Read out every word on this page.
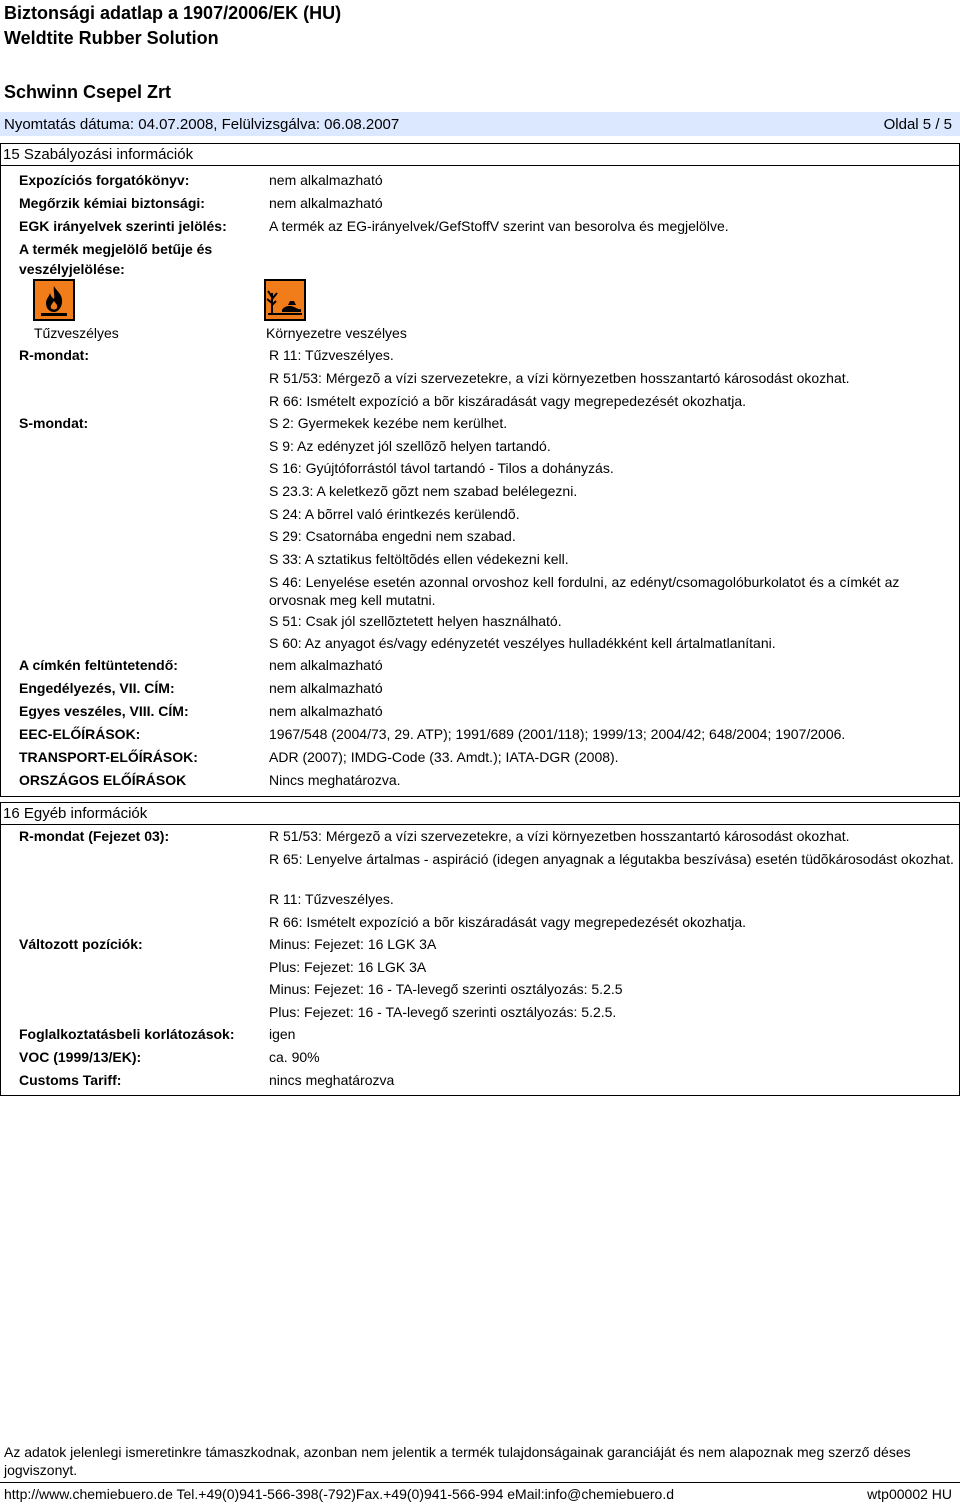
Biztonsági adatlap a 1907/2006/EK (HU)
Weldtite Rubber Solution
Schwinn Csepel Zrt
Nyomtatás dátuma: 04.07.2008, Felülvizsgálva: 06.08.2007	Oldal 5 / 5
15 Szabályozási információk
Expozíciós forgatókönyv:	nem alkalmazható
Megőrzik kémiai biztonsági:	nem alkalmazható
EGK irányelvek szerinti jelölés:	A termék az EG-irányelvek/GefStoffV szerint van besorolva és megjelölve.
A termék megjelölő betűje és veszélyjelölése:
Tűzveszélyes	Környezetre veszélyes
R-mondat:	R 11: Tűzveszélyes.
R 51/53: Mérgezõ a vízi szervezetekre, a vízi környezetben hosszantartó károsodást okozhat.
R 66: Ismételt expozíció a bõr kiszáradását vagy megrepedezését okozhatja.
S-mondat:	S 2: Gyermekek kezébe nem kerülhet.
S 9: Az edényzet jól szellõzõ helyen tartandó.
S 16: Gyújtóforrástól távol tartandó - Tilos a dohányzás.
S 23.3: A keletkezõ gõzt nem szabad belélegezni.
S 24: A bõrrel való érintkezés kerülendõ.
S 29: Csatornába engedni nem szabad.
S 33: A sztatikus feltöltõdés ellen védekezni kell.
S 46: Lenyelése esetén azonnal orvoshoz kell fordulni, az edényt/csomagolóburkolatot és a címkét az orvosnak meg kell mutatni.
S 51: Csak jól szellõztetett helyen használható.
S 60: Az anyagot és/vagy edényzetét veszélyes hulladékként kell ártalmatlanítani.
A címkén feltüntetendő:	nem alkalmazható
Engedélyezés, VII. CÍM:	nem alkalmazható
Egyes veszéles, VIII. CÍM:	nem alkalmazható
EEC-ELŐÍRÁSOK:	1967/548 (2004/73, 29. ATP); 1991/689 (2001/118); 1999/13; 2004/42; 648/2004; 1907/2006.
TRANSPORT-ELŐÍRÁSOK:	ADR (2007); IMDG-Code (33. Amdt.); IATA-DGR (2008).
ORSZÁGOS ELŐÍRÁSOK	Nincs meghatározva.
16 Egyéb információk
R-mondat (Fejezet 03):	R 51/53: Mérgezõ a vízi szervezetekre, a vízi környezetben hosszantartó károsodást okozhat.
R 65: Lenyelve ártalmas - aspiráció (idegen anyagnak a légutakba beszívása) esetén tüdõkárosodást okozhat.
R 11: Tűzveszélyes.
R 66: Ismételt expozíció a bõr kiszáradását vagy megrepedezését okozhatja.
Változott pozíciók:	Minus: Fejezet: 16 LGK 3A
Plus: Fejezet: 16 LGK 3A
Minus: Fejezet: 16 - TA-levegő szerinti osztályozás: 5.2.5
Plus: Fejezet: 16 - TA-levegő szerinti osztályozás: 5.2.5.
Foglalkoztatásbeli korlátozások: igen
VOC (1999/13/EK):	ca. 90%
Customs Tariff:	nincs meghatározva
Az adatok jelenlegi ismeretinkre támaszkodnak, azonban nem jelentik a termék tulajdonságainak garanciáját és nem alapoznak meg szerző déses jogviszonyt.
http://www.chemiebuero.de Tel.+49(0)941-566-398(-792)Fax.+49(0)941-566-994 eMail:info@chemiebuero.d	wtp00002 HU
